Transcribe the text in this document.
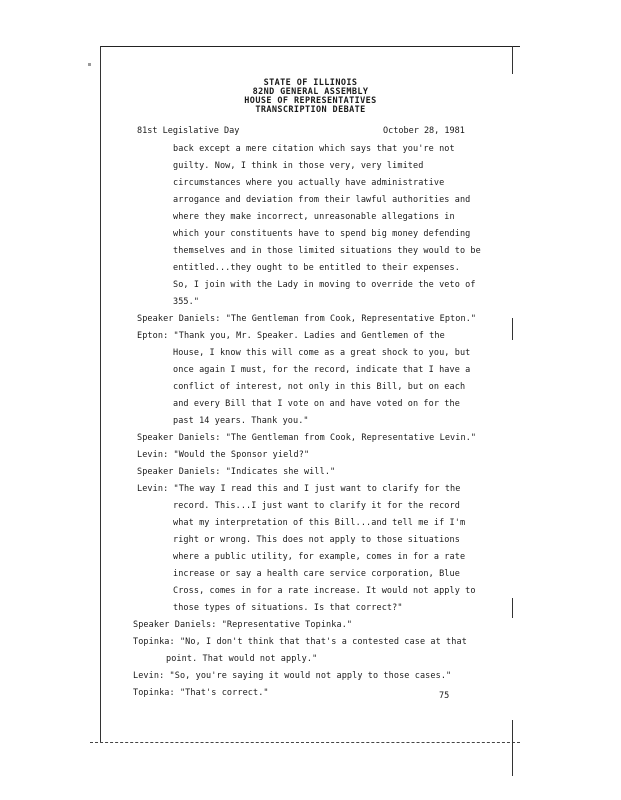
STATE OF ILLINOIS
82ND GENERAL ASSEMBLY
HOUSE OF REPRESENTATIVES
TRANSCRIPTION DEBATE
81st Legislative Day	October 28, 1981
back except a mere citation which says that you're not
guilty. Now, I think in those very, very limited
circumstances where you actually have administrative
arrogance and deviation from their lawful authorities and
where they make incorrect, unreasonable allegations in
which your constituents have to spend big money defending
themselves and in those limited situations they would to be
entitled...they ought to be entitled to their expenses.
So, I join with the Lady in moving to override the veto of
355."
Speaker Daniels: "The Gentleman from Cook, Representative Epton."
Epton: "Thank you, Mr. Speaker. Ladies and Gentlemen of the
House, I know this will come as a great shock to you, but
once again I must, for the record, indicate that I have a
conflict of interest, not only in this Bill, but on each
and every Bill that I vote on and have voted on for the
past 14 years. Thank you."
Speaker Daniels: "The Gentleman from Cook, Representative Levin."
Levin: "Would the Sponsor yield?"
Speaker Daniels: "Indicates she will."
Levin: "The way I read this and I just want to clarify for the
record. This...I just want to clarify it for the record
what my interpretation of this Bill...and tell me if I'm
right or wrong. This does not apply to those situations
where a public utility, for example, comes in for a rate
increase or say a health care service corporation, Blue
Cross, comes in for a rate increase. It would not apply to
those types of situations. Is that correct?"
Speaker Daniels: "Representative Topinka."
Topinka: "No, I don't think that that's a contested case at that
point. That would not apply."
Levin: "So, you're saying it would not apply to those cases."
Topinka: "That's correct."	75
